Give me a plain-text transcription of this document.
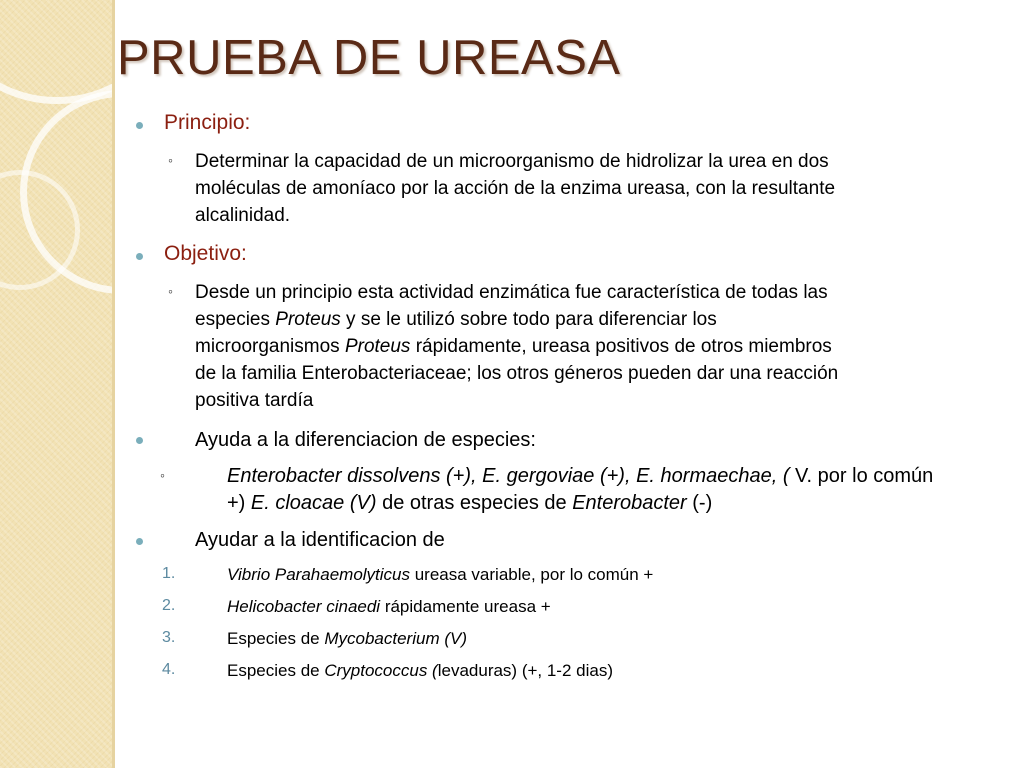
PRUEBA DE UREASA
Principio:
◦ Determinar la capacidad de un microorganismo de hidrolizar la urea en dos
moléculas de amoníaco por la acción de la enzima ureasa, con la resultante
alcalinidad.
Objetivo:
◦ Desde un principio esta actividad enzimática fue característica de todas las
especies Proteus y se le utilizó sobre todo para diferenciar los
microorganismos Proteus rápidamente, ureasa positivos de otros miembros
de la familia Enterobacteriaceae; los otros géneros pueden dar una reacción
positiva tardía
Ayuda a la diferenciacion de especies:
◦	Enterobacter dissolvens (+), E. gergoviae (+), E. hormaechae, ( V. por lo común
+) E. cloacae (V) de otras especies de Enterobacter (-)
Ayudar a la identificacion de
1.	Vibrio Parahaemolyticus ureasa variable, por lo común +
2.	Helicobacter cinaedi rápidamente ureasa +
3.	Especies de Mycobacterium (V)
4.	Especies de Cryptococcus (levaduras) (+, 1-2 dias)
